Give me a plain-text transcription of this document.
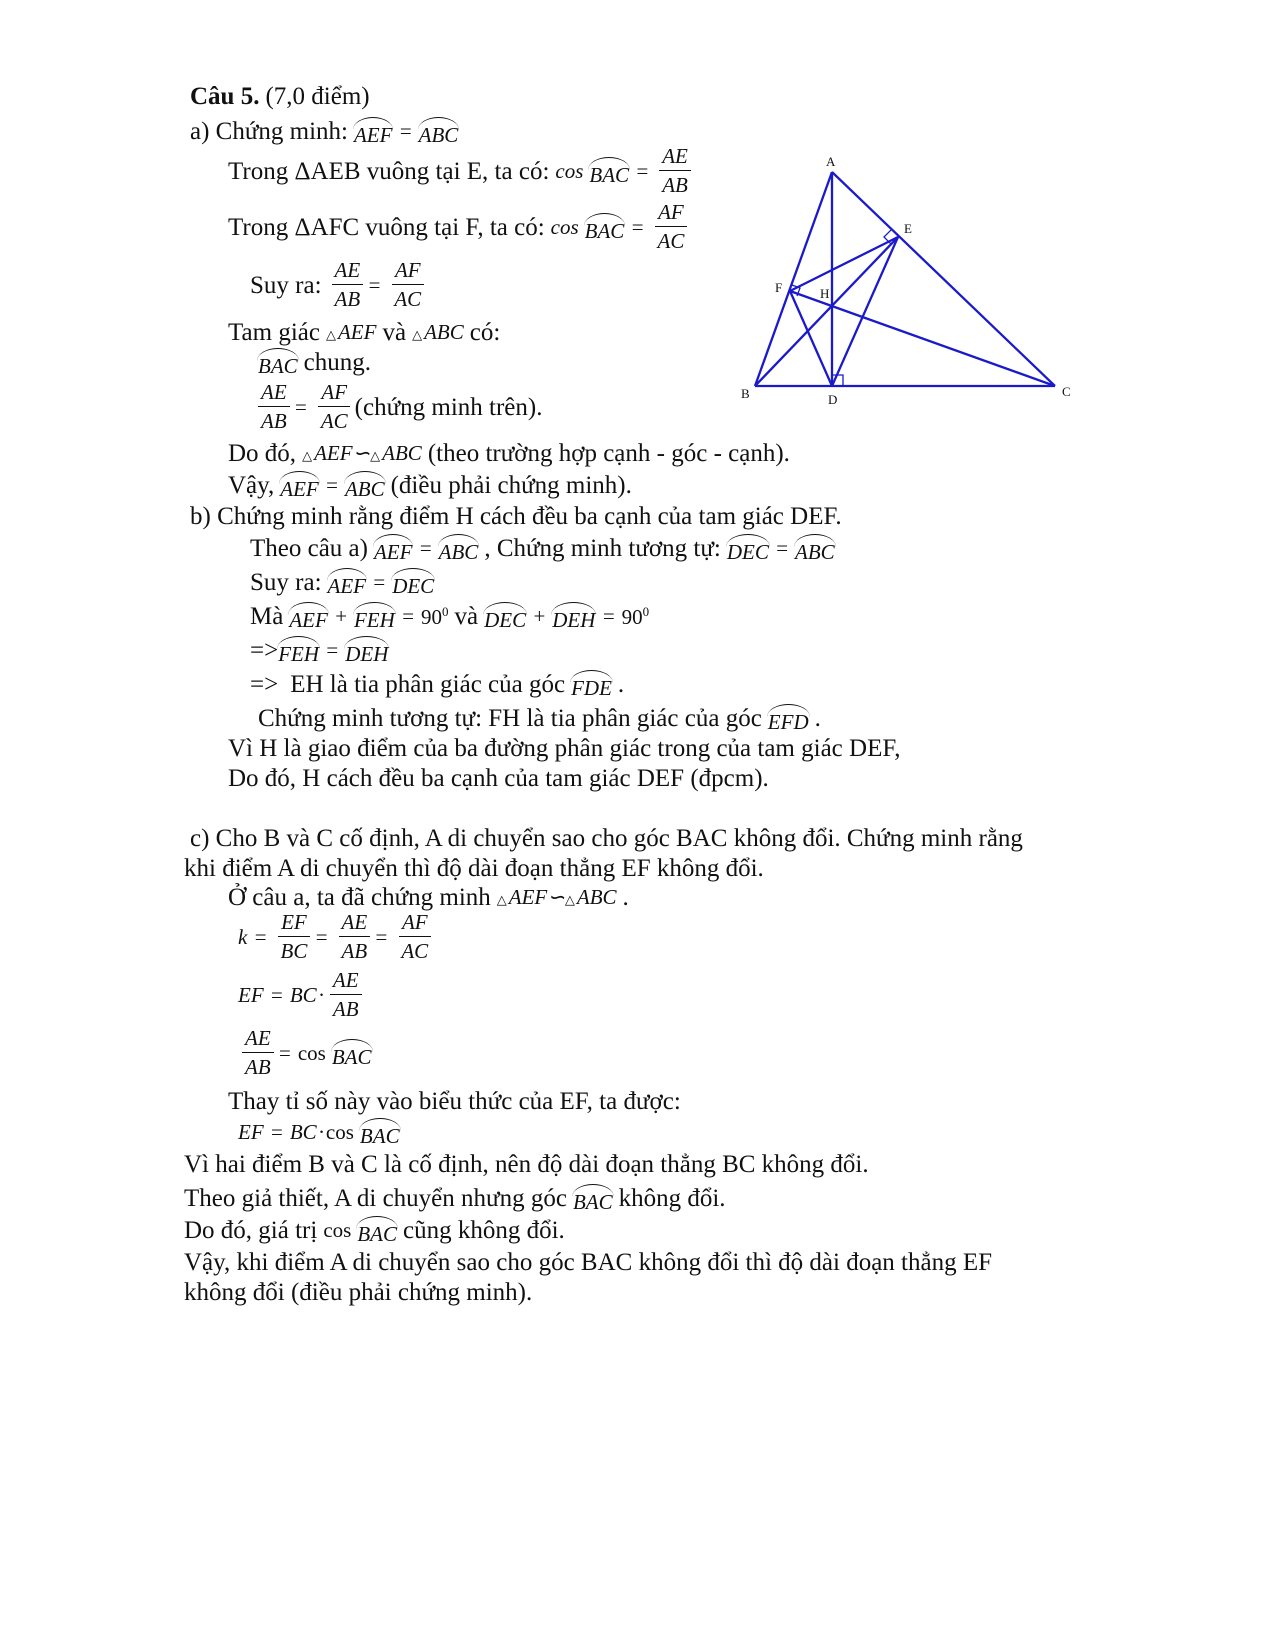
Câu 5. (7,0 điểm)
a) Chứng minh: AEF = ABC
Trong ΔAEB vuông tại E, ta có: cos BAC = $\frac{AE}{AB}$
Trong ΔAFC vuông tại F, ta có: cos BAC = $\frac{AF}{AC}$
Suy ra: $\frac{AE}{AB} = \frac{AF}{AC}$
Tam giác △AEF và △ABC có:
BAC chung.
$\frac{AE}{AB} = \frac{AF}{AC}$ (chứng minh trên).
Do đó, △AEF∽△ABC (theo trường hợp cạnh - góc - cạnh).
Vậy, AEF = ABC (điều phải chứng minh).
b) Chứng minh rằng điểm H cách đều ba cạnh của tam giác DEF.
Theo câu a) AEF = ABC , Chứng minh tương tự: DEC = ABC
Suy ra: AEF = DEC
Mà AEF + FEH = $90^0$ và DEC + DEH = $90^0$
=> FEH = DEH
=> EH là tia phân giác của góc FDE .
Chứng minh tương tự: FH là tia phân giác của góc EFD .
Vì H là giao điểm của ba đường phân giác trong của tam giác DEF,
Do đó, H cách đều ba cạnh của tam giác DEF (đpcm).
c) Cho B và C cố định, A di chuyển sao cho góc BAC không đổi. Chứng minh rằng
khi điểm A di chuyển thì độ dài đoạn thẳng EF không đổi.
Ở câu a, ta đã chứng minh △AEF∽△ABC .
$k = \frac{EF}{BC} = \frac{AE}{AB} = \frac{AF}{AC}$
EF = BC · $\frac{AE}{AB}$
$\frac{AE}{AB} = \cos$ BAC
Thay tỉ số này vào biểu thức của EF, ta được:
EF = BC · cos BAC
Vì hai điểm B và C là cố định, nên độ dài đoạn thẳng BC không đổi.
Theo giả thiết, A di chuyển nhưng góc BAC không đổi.
Do đó, giá trị cos BAC cũng không đổi.
Vậy, khi điểm A di chuyển sao cho góc BAC không đổi thì độ dài đoạn thẳng EF
không đổi (điều phải chứng minh).
A
B	C
D
E
F	H
